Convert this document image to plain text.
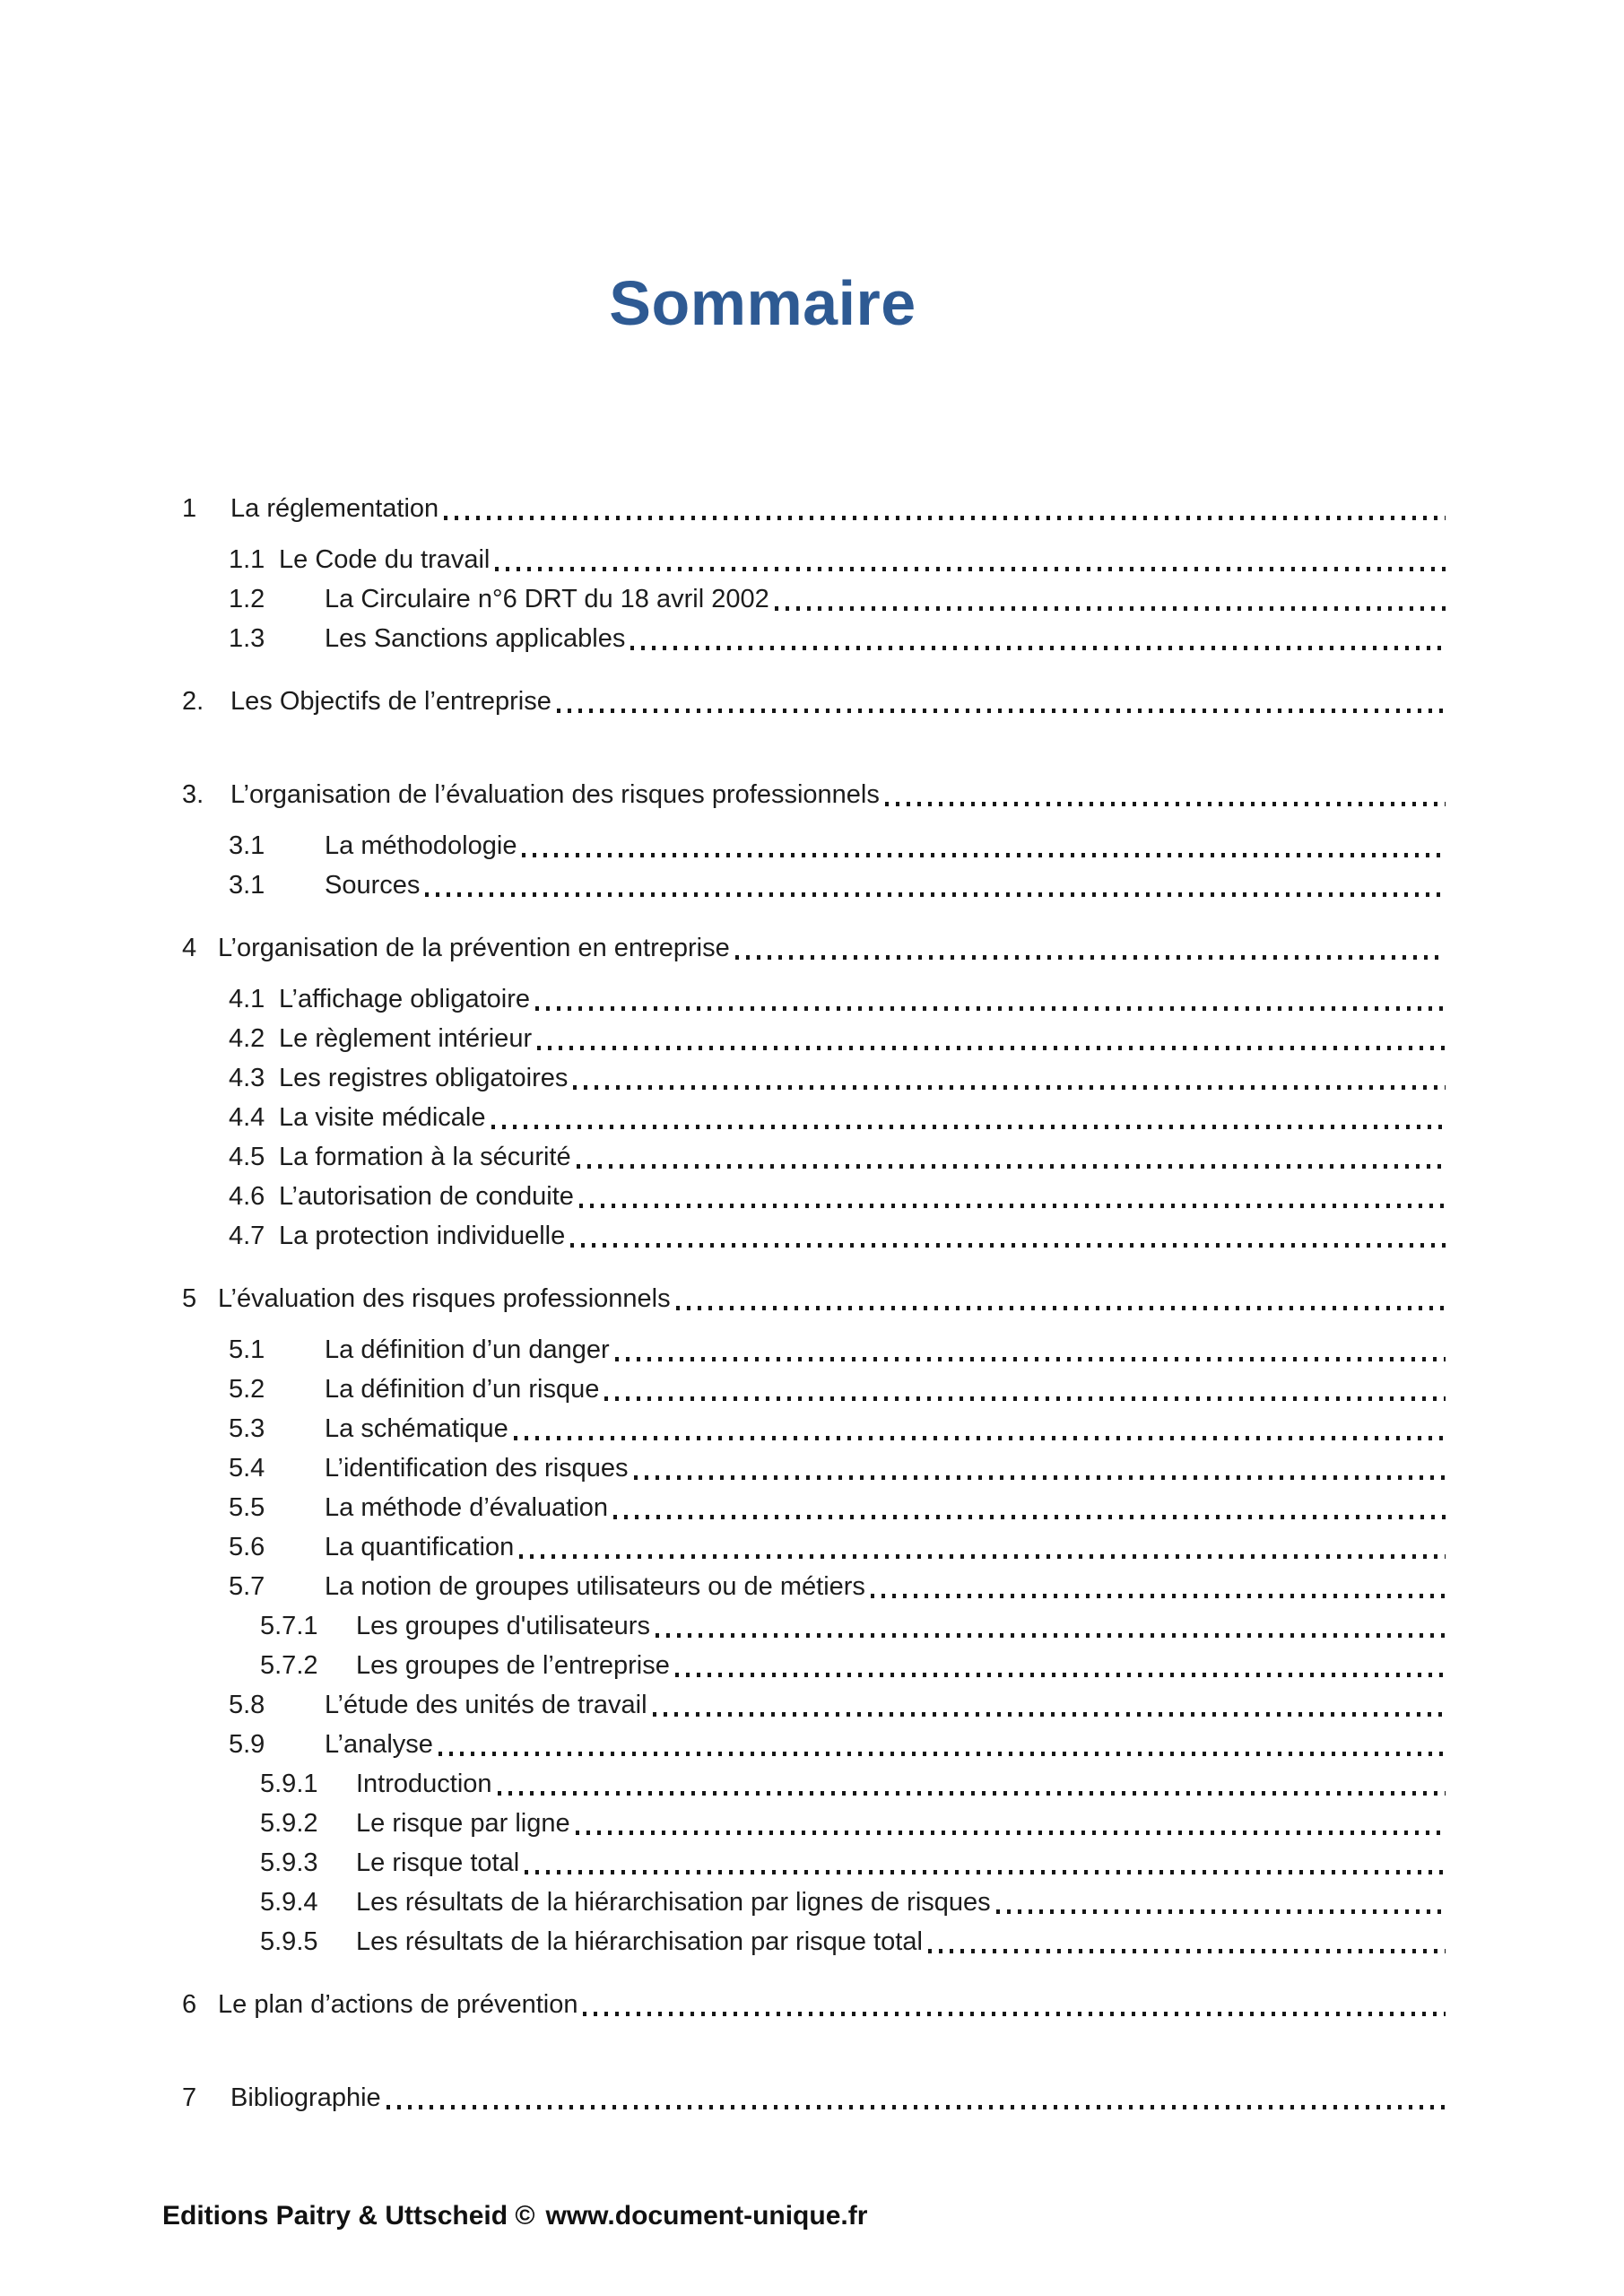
Sommaire
1	La réglementation
1.1 Le Code du travail
1.2	La Circulaire n°6 DRT du 18 avril 2002
1.3	Les Sanctions applicables
2.	Les Objectifs de l’entreprise
3.	L’organisation de l’évaluation des risques professionnels
3.1	La méthodologie
3.1	Sources
4 L’organisation de la prévention en entreprise
4.1 L’affichage obligatoire
4.2 Le règlement intérieur
4.3 Les registres obligatoires
4.4 La visite médicale
4.5 La formation à la sécurité
4.6 L’autorisation de conduite
4.7 La protection individuelle
5 L’évaluation des risques professionnels
5.1	La définition d’un danger
5.2	La définition d’un risque
5.3	La schématique
5.4	L’identification des risques
5.5	La méthode d’évaluation
5.6	La quantification
5.7	La notion de groupes utilisateurs ou de métiers
5.7.1	Les groupes d'utilisateurs
5.7.2	Les groupes de l’entreprise
5.8	L’étude des unités de travail
5.9	L’analyse
5.9.1	Introduction
5.9.2	Le risque par ligne
5.9.3	Le risque total
5.9.4	Les résultats de la hiérarchisation par lignes de risques
5.9.5	Les résultats de la hiérarchisation par risque total
6 Le plan d’actions de prévention
7	Bibliographie
Editions Paitry & Uttscheid © www.document-unique.fr
